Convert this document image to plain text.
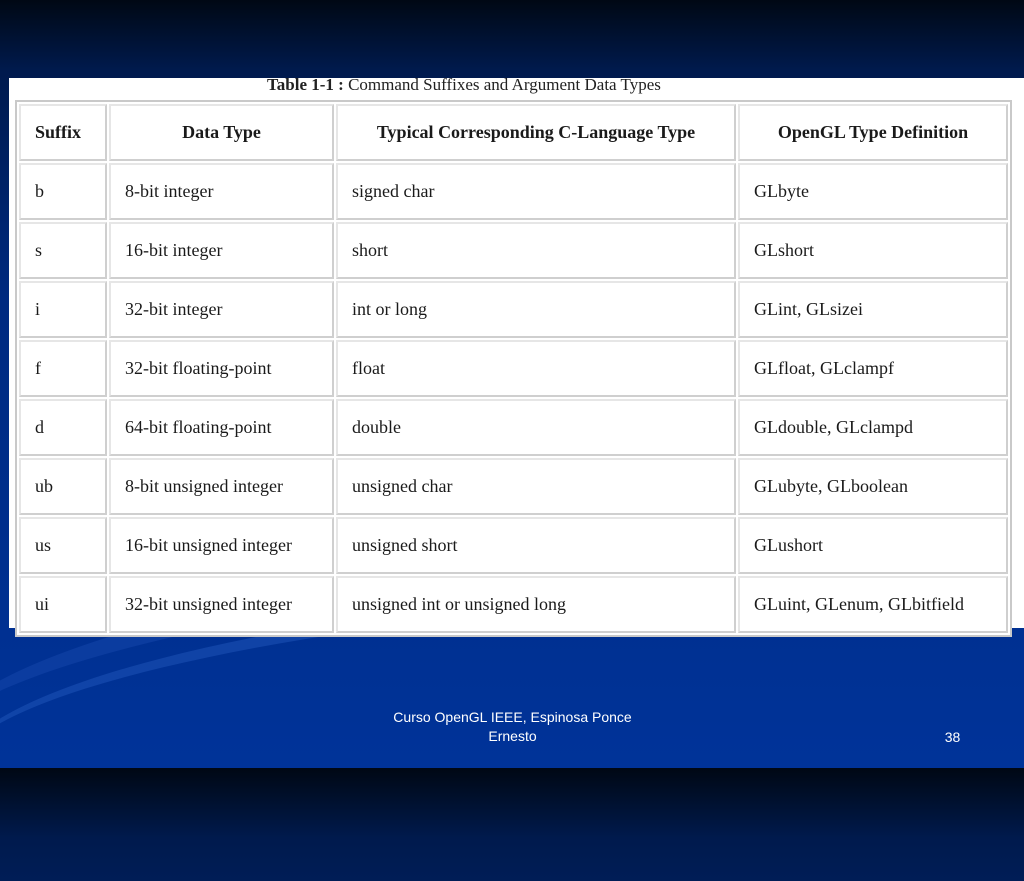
Table 1-1 : Command Suffixes and Argument Data Types
Suffix	Data Type	Typical Corresponding C-Language Type	OpenGL Type Definition
b	8-bit integer	signed char	GLbyte
s	16-bit integer	short	GLshort
i	32-bit integer	int or long	GLint, GLsizei
f	32-bit floating-point	float	GLfloat, GLclampf
d	64-bit floating-point	double	GLdouble, GLclampd
ub	8-bit unsigned integer	unsigned char	GLubyte, GLboolean
us	16-bit unsigned integer	unsigned short	GLushort
ui	32-bit unsigned integer	unsigned int or unsigned long	GLuint, GLenum, GLbitfield
Curso OpenGL IEEE, Espinosa Ponce
Ernesto	38
